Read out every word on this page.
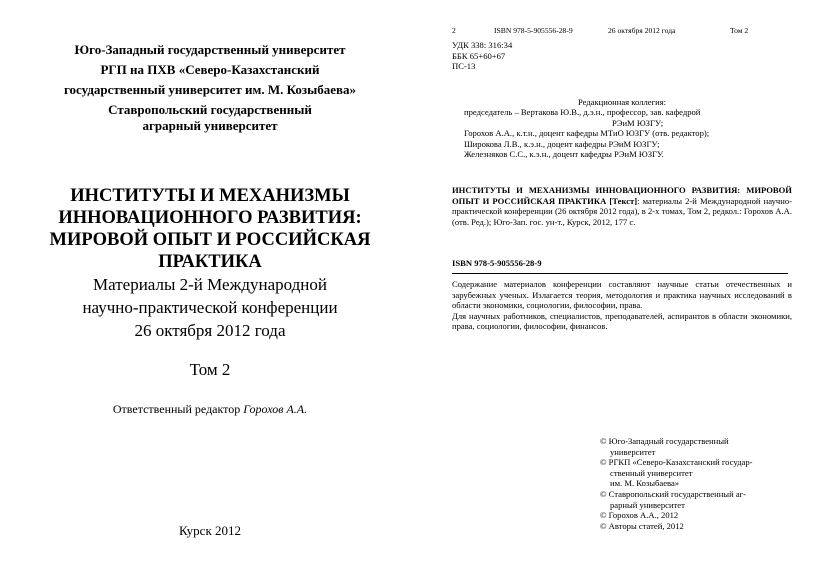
Юго-Западный государственный университет
РГП на ПХВ «Северо-Казахстанский
государственный университет им. М. Козыбаева»
Ставропольский государственный
аграрный университет
ИНСТИТУТЫ И МЕХАНИЗМЫ
ИННОВАЦИОННОГО РАЗВИТИЯ:
МИРОВОЙ ОПЫТ И РОССИЙСКАЯ
ПРАКТИКА
Материалы 2-й Международной
научно-практической конференции
26 октября 2012 года
Том 2
Ответственный редактор Горохов А.А.
Курск 2012
2	ISBN 978-5-905556-28-9	26 октября 2012 года	Том 2
УДК 338: 316:34
ББК 65+60+67
ПС-13
Редакционная коллегия:
председатель – Вертакова Ю.В., д.э.н., профессор, зав. кафедрой
РЭиМ ЮЗГУ;
Горохов А.А., к.т.н., доцент кафедры МТиО ЮЗГУ (отв. редактор);
Широкова Л.В., к.э.н., доцент кафедры РЭиМ ЮЗГУ;
Железняков С.С., к.э.н., доцент кафедры РЭиМ ЮЗГУ.
ИНСТИТУТЫ И МЕХАНИЗМЫ ИННОВАЦИОННОГО РАЗВИТИЯ: МИРОВОЙ ОПЫТ И РОССИЙСКАЯ ПРАКТИКА [Текст]: материалы 2-й Международной научно-практической конференции (26 октября 2012 года), в 2-х томах, Том 2, редкол.: Горохов А.А. (отв. Ред.); Юго-Зап. гос. ун-т., Курск, 2012, 177 с.
ISBN 978-5-905556-28-9
Содержание материалов конференции составляют научные статьи отечественных и зарубежных ученых. Излагается теория, методология и практика научных исследований в области экономики, социологии, философии, права.
Для научных работников, специалистов, преподавателей, аспирантов в области экономики, права, социологии, философии, финансов.
© Юго-Западный государственный
университет
© РГКП «Северо-Казахстанский государ-
ственный университет
им. М. Козыбаева»
© Ставропольский государственный аг-
рарный университет
© Горохов А.А., 2012
© Авторы статей, 2012
